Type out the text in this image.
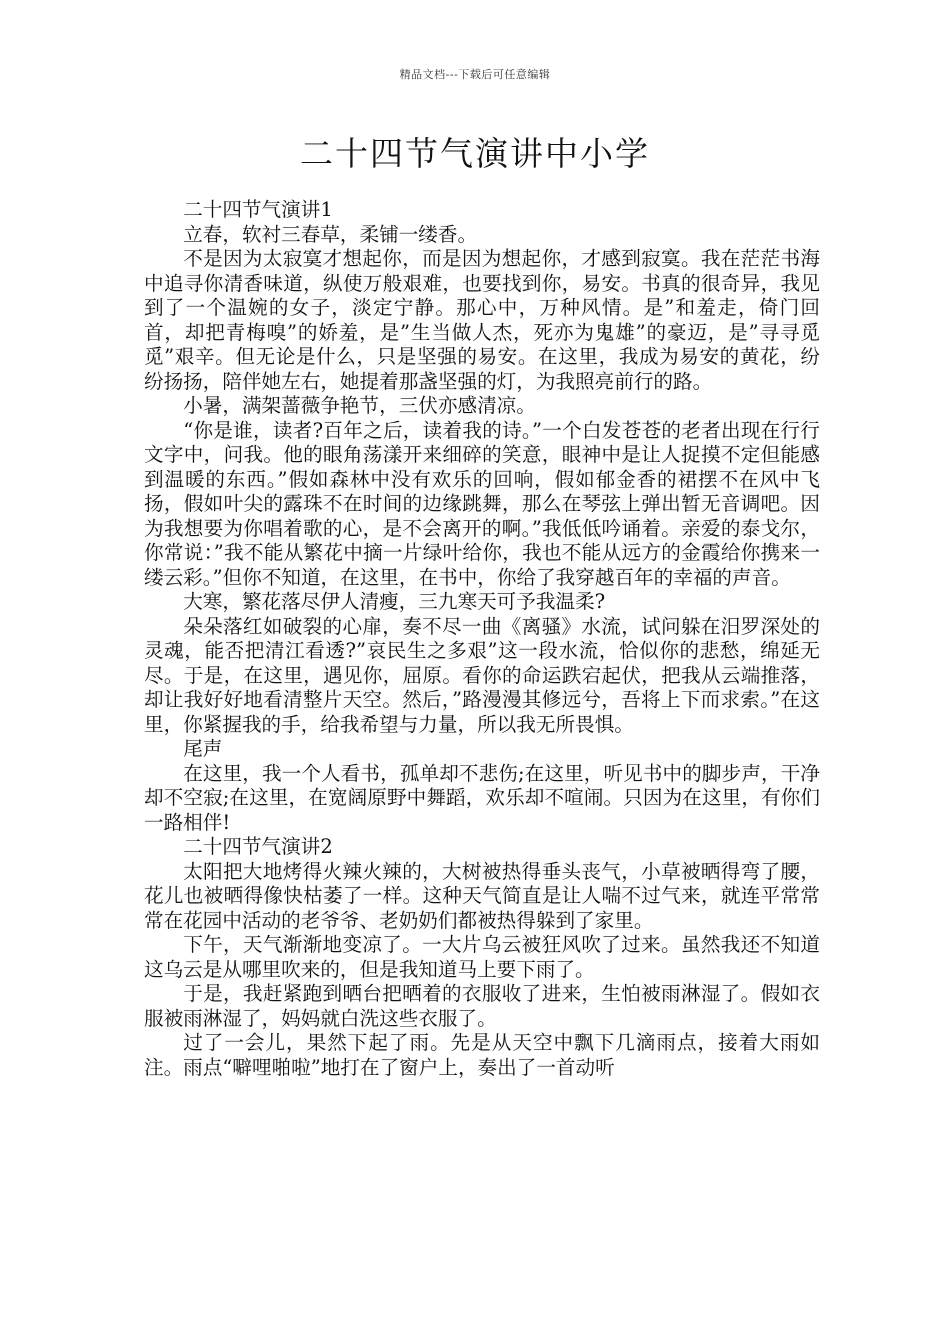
精品文档---下载后可任意编辑
二十四节气演讲中小学

二十四节气演讲1

立春，软衬三春草，柔铺一缕香。

不是因为太寂寞才想起你，而是因为想起你，才感到寂寞。我在茫茫书海中追寻你清香味道，纵使万般艰难，也要找到你，易安。书真的很奇异，我见到了一个温婉的女子，淡定宁静。那心中，万种风情。是”和羞走，倚门回首，却把青梅嗅”的娇羞，是”生当做人杰，死亦为鬼雄”的豪迈，是”寻寻觅觅”艰辛。但无论是什么，只是坚强的易安。在这里，我成为易安的黄花，纷纷扬扬，陪伴她左右，她提着那盏坚强的灯，为我照亮前行的路。

小暑，满架蔷薇争艳节，三伏亦感清凉。

“你是谁，读者?百年之后，读着我的诗。”一个白发苍苍的老者出现在行行文字中，问我。他的眼角荡漾开来细碎的笑意，眼神中是让人捉摸不定但能感到温暖的东西。”假如森林中没有欢乐的回响，假如郁金香的裙摆不在风中飞扬，假如叶尖的露珠不在时间的边缘跳舞，那么在琴弦上弹出暂无音调吧。因为我想要为你唱着歌的心，是不会离开的啊。”我低低吟诵着。亲爱的泰戈尔，你常说：”我不能从繁花中摘一片绿叶给你，我也不能从远方的金霞给你携来一缕云彩。”但你不知道，在这里，在书中，你给了我穿越百年的幸福的声音。

大寒，繁花落尽伊人清瘦，三九寒天可予我温柔?

朵朵落红如破裂的心扉，奏不尽一曲《离骚》水流，试问躲在汨罗深处的灵魂，能否把清江看透?”哀民生之多艰”这一段水流，恰似你的悲愁，绵延无尽。于是，在这里，遇见你，屈原。看你的命运跌宕起伏，把我从云端推落，却让我好好地看清整片天空。然后，”路漫漫其修远兮，吾将上下而求索。”在这里，你紧握我的手，给我希望与力量，所以我无所畏惧。

尾声

在这里，我一个人看书，孤单却不悲伤;在这里，听见书中的脚步声，干净却不空寂;在这里，在宽阔原野中舞蹈，欢乐却不喧闹。只因为在这里，有你们一路相伴!

二十四节气演讲2

太阳把大地烤得火辣火辣的，大树被热得垂头丧气，小草被晒得弯了腰，花儿也被晒得像快枯萎了一样。这种天气简直是让人喘不过气来，就连平常常常在花园中活动的老爷爷、老奶奶们都被热得躲到了家里。

下午，天气渐渐地变凉了。一大片乌云被狂风吹了过来。虽然我还不知道这乌云是从哪里吹来的，但是我知道马上要下雨了。

于是，我赶紧跑到晒台把晒着的衣服收了进来，生怕被雨淋湿了。假如衣服被雨淋湿了，妈妈就白洗这些衣服了。

过了一会儿，果然下起了雨。先是从天空中飘下几滴雨点，接着大雨如注。雨点“噼哩啪啦”地打在了窗户上，奏出了一首动听
